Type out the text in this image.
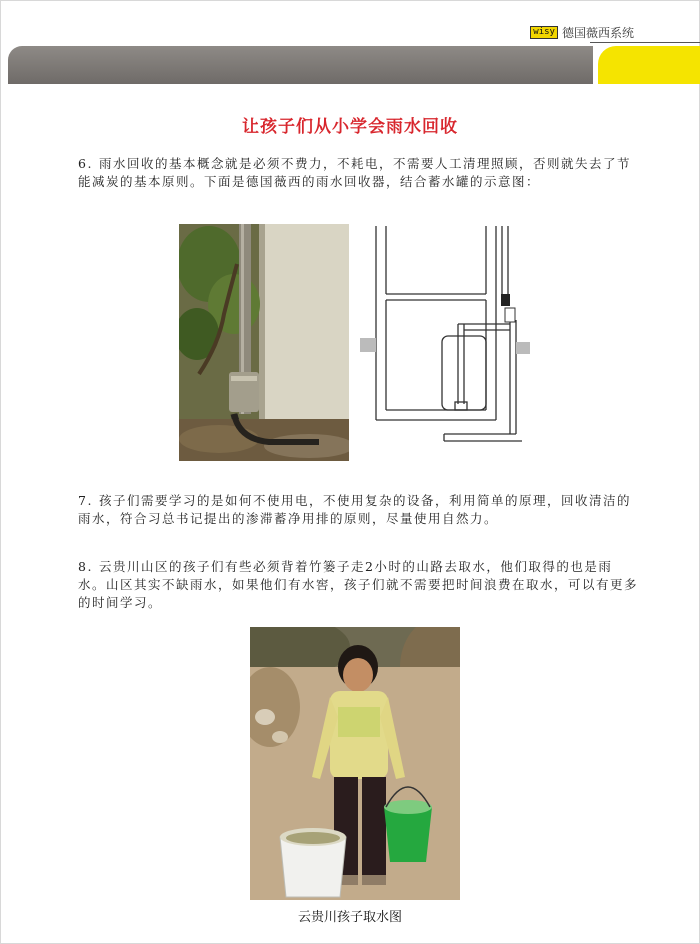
wisy 德国薇西系统
让孩子们从小学会雨水回收
6. 雨水回收的基本概念就是必须不费力，不耗电，不需要人工清理照顾，否则就失去了节能减炭的基本原则。下面是德国薇西的雨水回收器，结合蓄水罐的示意图：
7. 孩子们需要学习的是如何不使用电，不使用复杂的设备，利用简单的原理，回收清洁的雨水，符合习总书记提出的渗滞蓄净用排的原则，尽量使用自然力。
8. 云贵川山区的孩子们有些必须背着竹篓子走2小时的山路去取水，他们取得的也是雨水。山区其实不缺雨水，如果他们有水窖，孩子们就不需要把时间浪费在取水，可以有更多的时间学习。
云贵川孩子取水图
